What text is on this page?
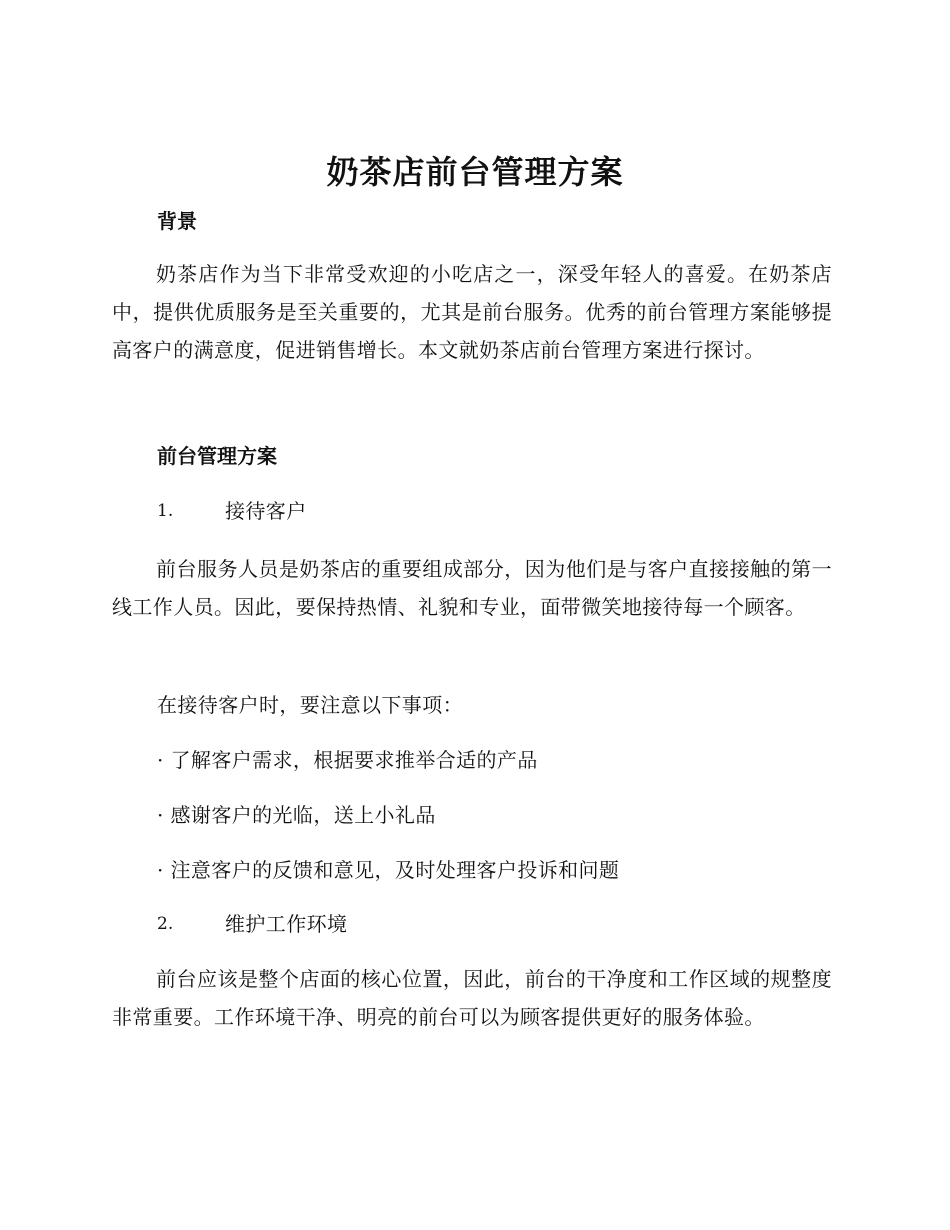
奶茶店前台管理方案
背景

奶茶店作为当下非常受欢迎的小吃店之一，深受年轻人的喜爱。在奶茶店中，提供优质服务是至关重要的，尤其是前台服务。优秀的前台管理方案能够提高客户的满意度，促进销售增长。本文就奶茶店前台管理方案进行探讨。

前台管理方案
1.	接待客户

前台服务人员是奶茶店的重要组成部分，因为他们是与客户直接接触的第一线工作人员。因此，要保持热情、礼貌和专业，面带微笑地接待每一个顾客。

在接待客户时，要注意以下事项：
· 了解客户需求，根据要求推举合适的产品
· 感谢客户的光临，送上小礼品
· 注意客户的反馈和意见，及时处理客户投诉和问题
2.	维护工作环境

前台应该是整个店面的核心位置，因此，前台的干净度和工作区域的规整度非常重要。工作环境干净、明亮的前台可以为顾客提供更好的服务体验。
